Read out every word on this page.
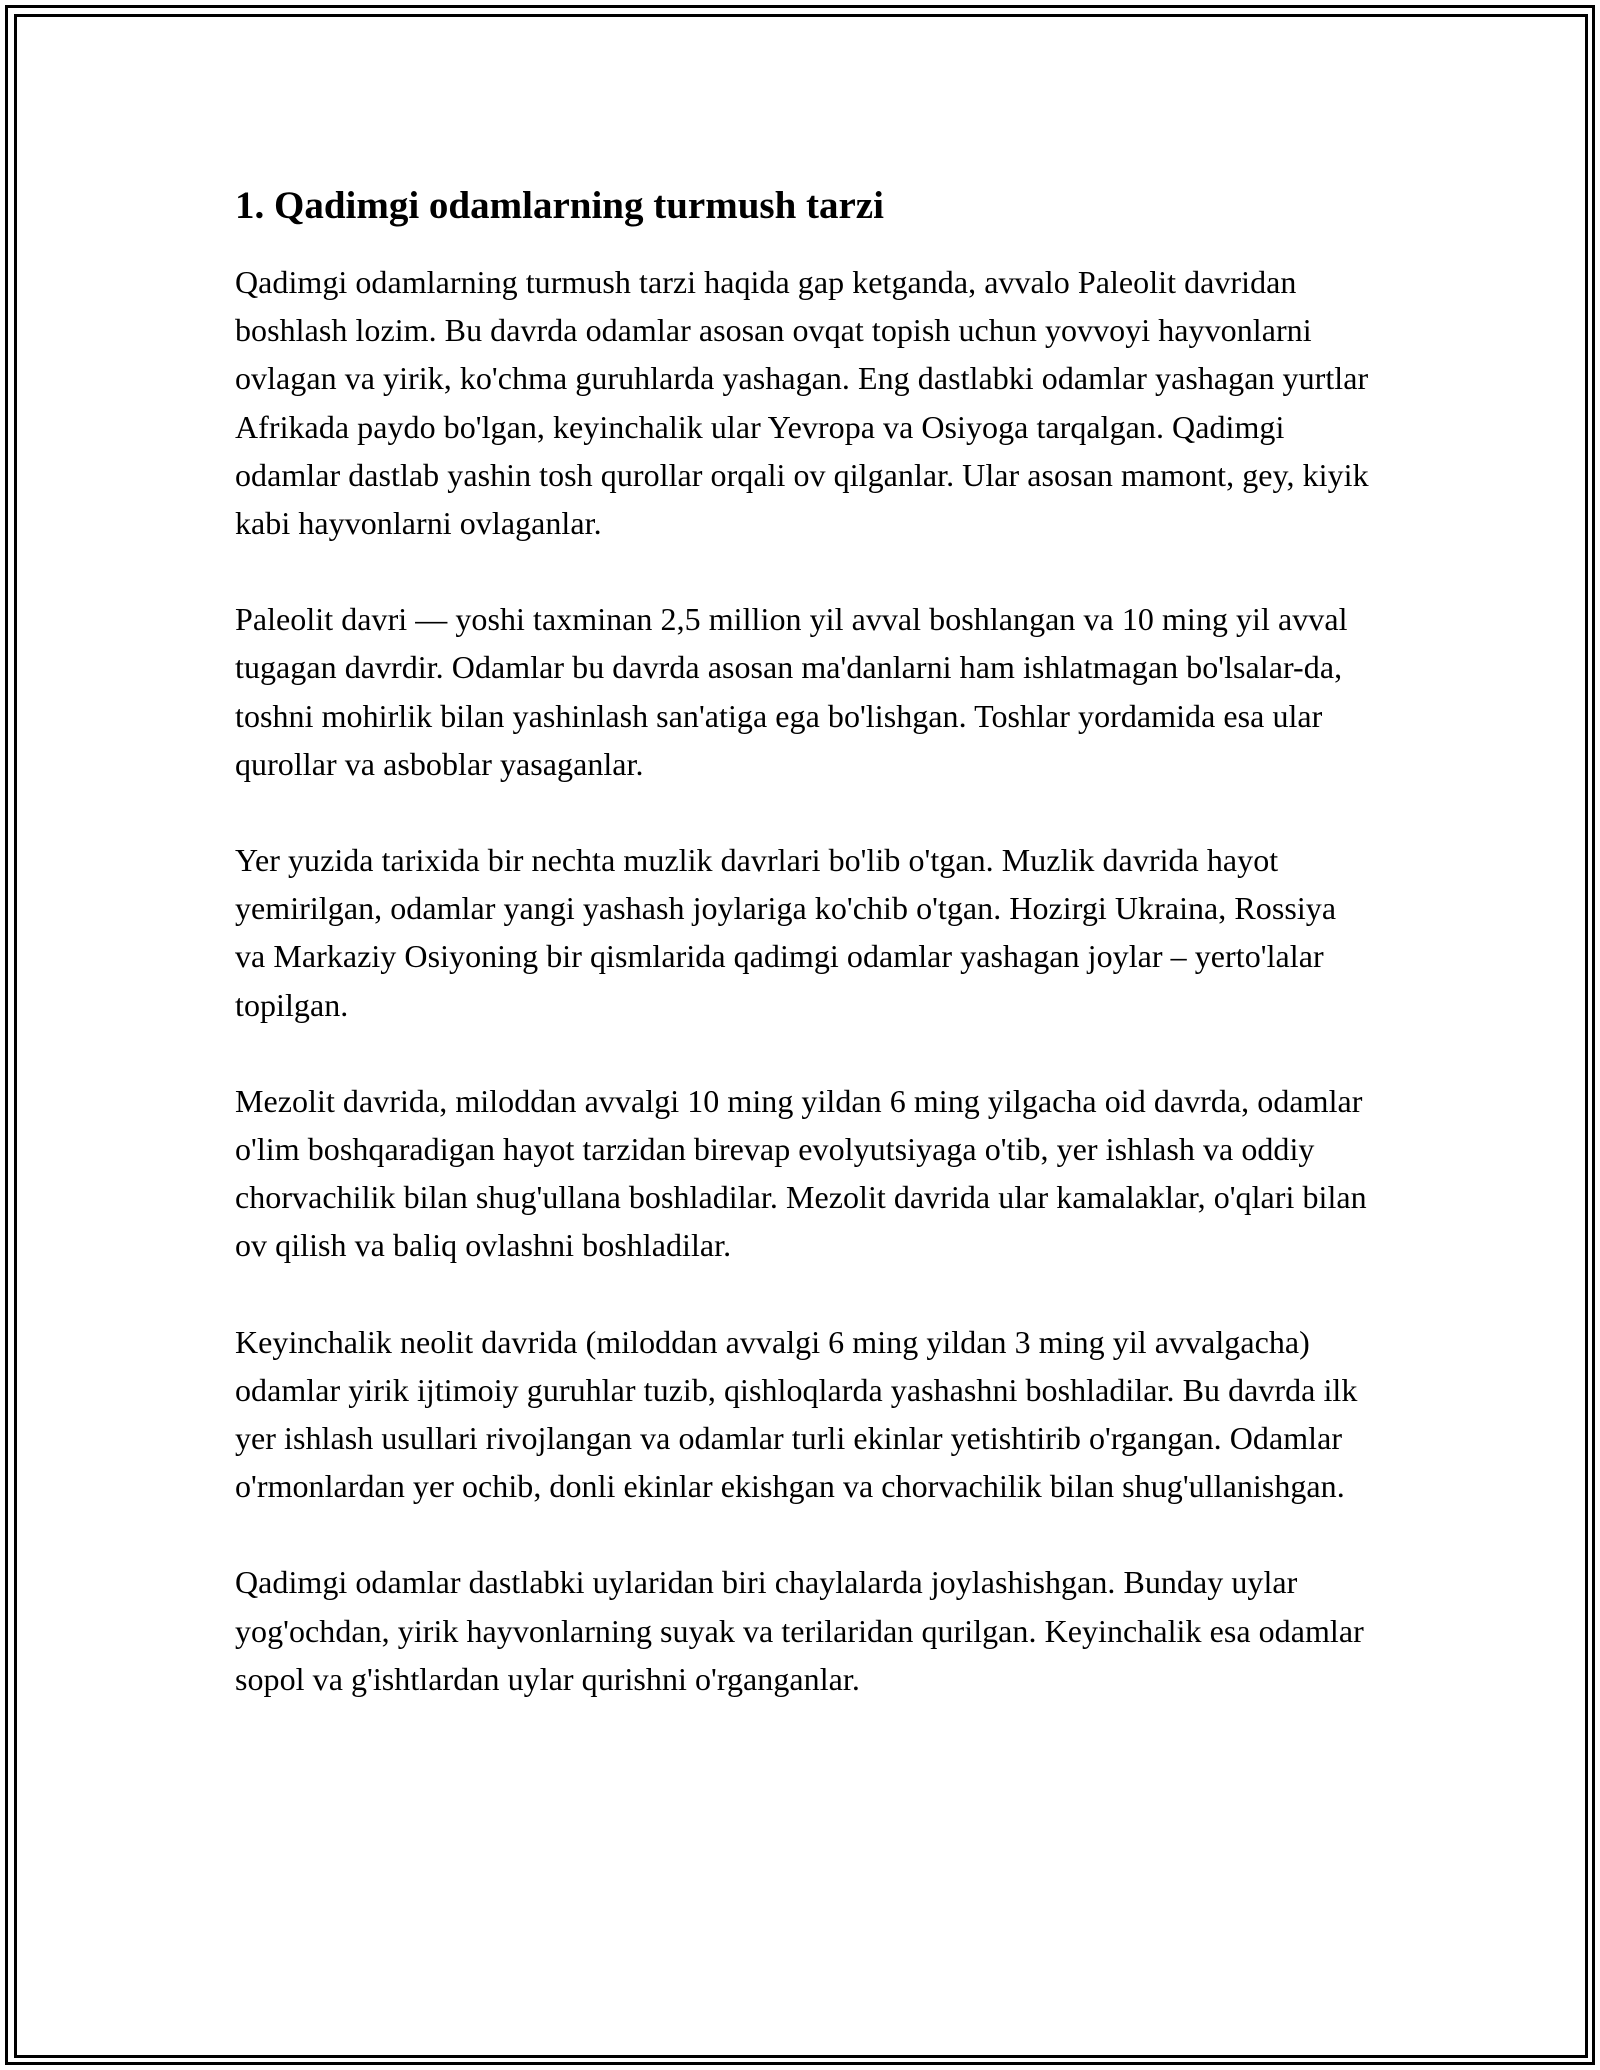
1. Qadimgi odamlarning turmush tarzi

Qadimgi odamlarning turmush tarzi haqida gap ketganda, avvalo Paleolit davridan boshlash lozim. Bu davrda odamlar asosan ovqat topish uchun yovvoyi hayvonlarni ovlagan va yirik, ko'chma guruhlarda yashagan. Eng dastlabki odamlar yashagan yurtlar Afrikada paydo bo'lgan, keyinchalik ular Yevropa va Osiyoga tarqalgan. Qadimgi odamlar dastlab yashin tosh qurollar orqali ov qilganlar. Ular asosan mamont, gey, kiyik kabi hayvonlarni ovlaganlar.

Paleolit davri — yoshi taxminan 2,5 million yil avval boshlangan va 10 ming yil avval tugagan davrdir. Odamlar bu davrda asosan ma'danlarni ham ishlatmagan bo'lsalar-da, toshni mohirlik bilan yashinlash san'atiga ega bo'lishgan. Toshlar yordamida esa ular qurollar va asboblar yasaganlar.

Yer yuzida tarixida bir nechta muzlik davrlari bo'lib o'tgan. Muzlik davrida hayot yemirilgan, odamlar yangi yashash joylariga ko'chib o'tgan. Hozirgi Ukraina, Rossiya va Markaziy Osiyoning bir qismlarida qadimgi odamlar yashagan joylar – yerto'lalar topilgan.

Mezolit davrida, miloddan avvalgi 10 ming yildan 6 ming yilgacha oid davrda, odamlar o'lim boshqaradigan hayot tarzidan birevap evolyutsiyaga o'tib, yer ishlash va oddiy chorvachilik bilan shug'ullana boshladilar. Mezolit davrida ular kamalaklar, o'qlari bilan ov qilish va baliq ovlashni boshladilar.

Keyinchalik neolit davrida (miloddan avvalgi 6 ming yildan 3 ming yil avvalgacha) odamlar yirik ijtimoiy guruhlar tuzib, qishloqlarda yashashni boshladilar. Bu davrda ilk yer ishlash usullari rivojlangan va odamlar turli ekinlar yetishtirib o'rgangan. Odamlar o'rmonlardan yer ochib, donli ekinlar ekishgan va chorvachilik bilan shug'ullanishgan.

Qadimgi odamlar dastlabki uylaridan biri chaylalarda joylashishgan. Bunday uylar yog'ochdan, yirik hayvonlarning suyak va terilaridan qurilgan. Keyinchalik esa odamlar sopol va g'ishtlardan uylar qurishni o'rganganlar.
